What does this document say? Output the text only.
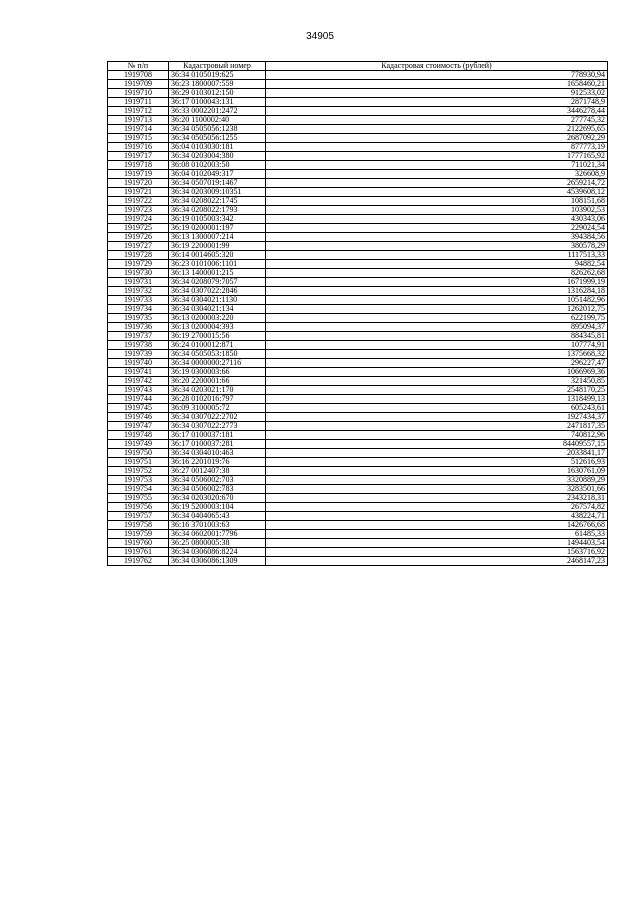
34905
№ п/п	Кадастровый номер	Кадастровая стоимость (рублей)
1919708	36:34 0105019:625	778930,94
1919709	36:23 1800007:559	1658460,21
1919710	36:29 0103012:150	912533,02
1919711	36:17 0100043:131	2871748,9
1919712	36:33 0002201:2472	3446278,44
1919713	36:20 1100002:40	277745,32
1919714	36:34 0505056:1238	2122695,65
1919715	36:34 0505056:1255	2687092,29
1919716	36:04 0103030:181	877773,19
1919717	36:34 0203004:380	1777165,92
1919718	36:08 0102003:50	711021,34
1919719	36:04 0102049:317	326608,9
1919720	36:34 0507019:1467	2659214,72
1919721	36:34 0203009:10351	4539608,12
1919722	36:34 0208022:1745	108151,68
1919723	36:34 0208022:1793	103902,53
1919724	36:19 0105003:342	430343,06
1919725	36:19 0200001:197	229024,54
1919726	36:13 1300007:214	394384,56
1919727	36:19 2200001:99	380578,29
1919728	36:14 0014605:320	1117513,33
1919729	36:23 0101006:1101	94882,54
1919730	36:13 1400001:215	826262,68
1919731	36:34 0208079:7057	1671999,19
1919732	36:34 0307022:2846	1316284,18
1919733	36:34 0304021:1130	1051482,96
1919734	36:34 0304021:134	1262012,75
1919735	36:13 0200003:220	622199,75
1919736	36:13 0200004:393	895094,37
1919737	36:19 2700015:56	884345,81
1919738	36:24 0100012:871	107774,91
1919739	36:34 0505053:1850	1375668,32
1919740	36:34 0000000:27116	296227,47
1919741	36:19 0300003:66	1066969,36
1919742	36:20 2200001:66	321450,85
1919743	36:34 0203021:170	2548170,25
1919744	36:28 0102016:797	1318499,13
1919745	36:09 3100005:72	605243,61
1919746	36:34 0307022:2702	1927434,37
1919747	36:34 0307022:2773	2471817,35
1919748	36:17 0100037:181	740812,96
1919749	36:17 0100037:281	84409557,15
1919750	36:34 0304010:463	2033841,17
1919751	36:16 2201019:76	512616,93
1919752	36:27 0012407:38	1630761,09
1919753	36:34 0506002:703	3320889,29
1919754	36:34 0506002:783	3283501,66
1919755	36:34 0203020:670	2343218,31
1919756	36:19 5200003:104	267574,82
1919757	36:34 0404065:43	438224,71
1919758	36:16 3701003:63	1426766,68
1919759	36:34 0602001:7796	61485,33
1919760	36:25 0800005:38	1494403,54
1919761	36:34 0306086:8224	1563716,92
1919762	36:34 0306086:1309	2468147,23
